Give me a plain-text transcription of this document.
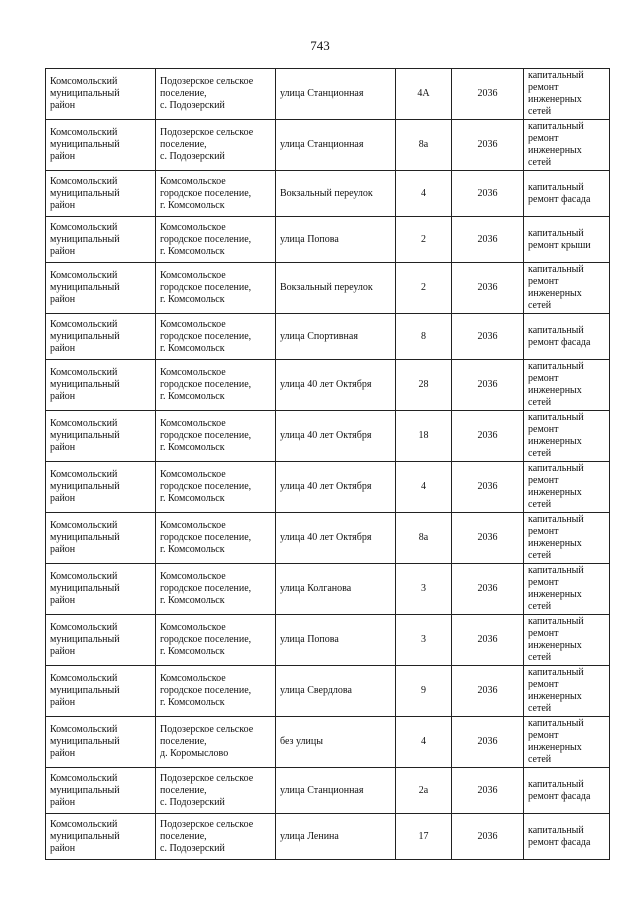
743
Комсомольский
муниципальный
район	Подозерское сельское
поселение,
с. Подозерский	улица Станционная	4А	2036	капитальный
ремонт
инженерных
сетей

Комсомольский
муниципальный
район	Подозерское сельское
поселение,
с. Подозерский	улица Станционная	8а	2036	капитальный
ремонт
инженерных
сетей

Комсомольский
муниципальный
район	Комсомольское
городское поселение,
г. Комсомольск	Вокзальный переулок	4	2036	капитальный
ремонт фасада

Комсомольский
муниципальный
район	Комсомольское
городское поселение,
г. Комсомольск	улица Попова	2	2036	капитальный
ремонт крыши

Комсомольский
муниципальный
район	Комсомольское
городское поселение,
г. Комсомольск	Вокзальный переулок	2	2036	капитальный
ремонт
инженерных
сетей

Комсомольский
муниципальный
район	Комсомольское
городское поселение,
г. Комсомольск	улица Спортивная	8	2036	капитальный
ремонт фасада

Комсомольский
муниципальный
район	Комсомольское
городское поселение,
г. Комсомольск	улица 40 лет Октября	28	2036	капитальный
ремонт
инженерных
сетей

Комсомольский
муниципальный
район	Комсомольское
городское поселение,
г. Комсомольск	улица 40 лет Октября	18	2036	капитальный
ремонт
инженерных
сетей

Комсомольский
муниципальный
район	Комсомольское
городское поселение,
г. Комсомольск	улица 40 лет Октября	4	2036	капитальный
ремонт
инженерных
сетей

Комсомольский
муниципальный
район	Комсомольское
городское поселение,
г. Комсомольск	улица 40 лет Октября	8а	2036	капитальный
ремонт
инженерных
сетей

Комсомольский
муниципальный
район	Комсомольское
городское поселение,
г. Комсомольск	улица Колганова	3	2036	капитальный
ремонт
инженерных
сетей

Комсомольский
муниципальный
район	Комсомольское
городское поселение,
г. Комсомольск	улица Попова	3	2036	капитальный
ремонт
инженерных
сетей

Комсомольский
муниципальный
район	Комсомольское
городское поселение,
г. Комсомольск	улица Свердлова	9	2036	капитальный
ремонт
инженерных
сетей

Комсомольский
муниципальный
район	Подозерское сельское
поселение,
д. Коромыслово	без улицы	4	2036	капитальный
ремонт
инженерных
сетей

Комсомольский
муниципальный
район	Подозерское сельское
поселение,
с. Подозерский	улица Станционная	2а	2036	капитальный
ремонт фасада

Комсомольский
муниципальный
район	Подозерское сельское
поселение,
с. Подозерский	улица Ленина	17	2036	капитальный
ремонт фасада
